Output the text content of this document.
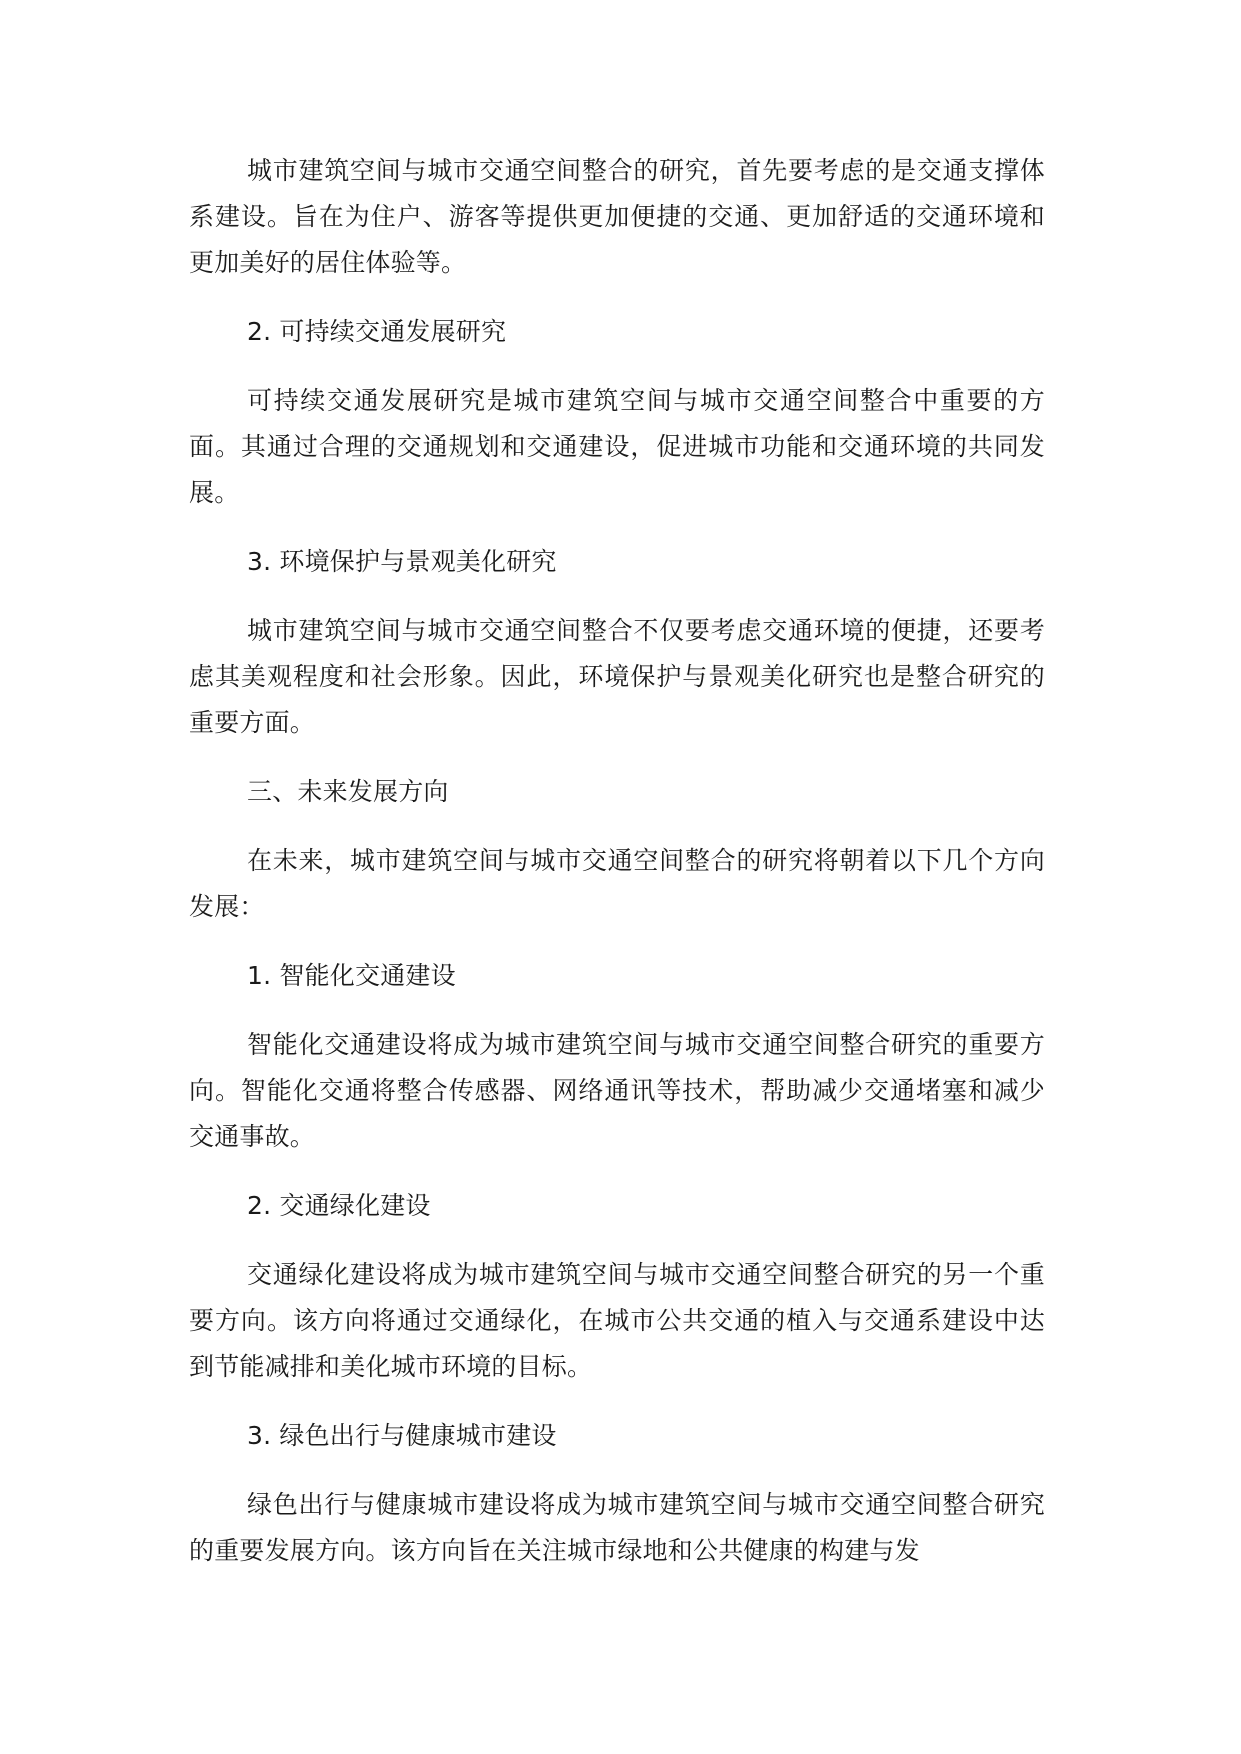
城市建筑空间与城市交通空间整合的研究，首先要考虑的是交通支撑体系建设。旨在为住户、游客等提供更加便捷的交通、更加舒适的交通环境和更加美好的居住体验等。

2. 可持续交通发展研究

可持续交通发展研究是城市建筑空间与城市交通空间整合中重要的方面。其通过合理的交通规划和交通建设，促进城市功能和交通环境的共同发展。

3. 环境保护与景观美化研究

城市建筑空间与城市交通空间整合不仅要考虑交通环境的便捷，还要考虑其美观程度和社会形象。因此，环境保护与景观美化研究也是整合研究的重要方面。

三、未来发展方向

在未来，城市建筑空间与城市交通空间整合的研究将朝着以下几个方向发展：

1. 智能化交通建设

智能化交通建设将成为城市建筑空间与城市交通空间整合研究的重要方向。智能化交通将整合传感器、网络通讯等技术，帮助减少交通堵塞和减少交通事故。

2. 交通绿化建设

交通绿化建设将成为城市建筑空间与城市交通空间整合研究的另一个重要方向。该方向将通过交通绿化，在城市公共交通的植入与交通系建设中达到节能减排和美化城市环境的目标。

3. 绿色出行与健康城市建设

绿色出行与健康城市建设将成为城市建筑空间与城市交通空间整合研究的重要发展方向。该方向旨在关注城市绿地和公共健康的构建与发
